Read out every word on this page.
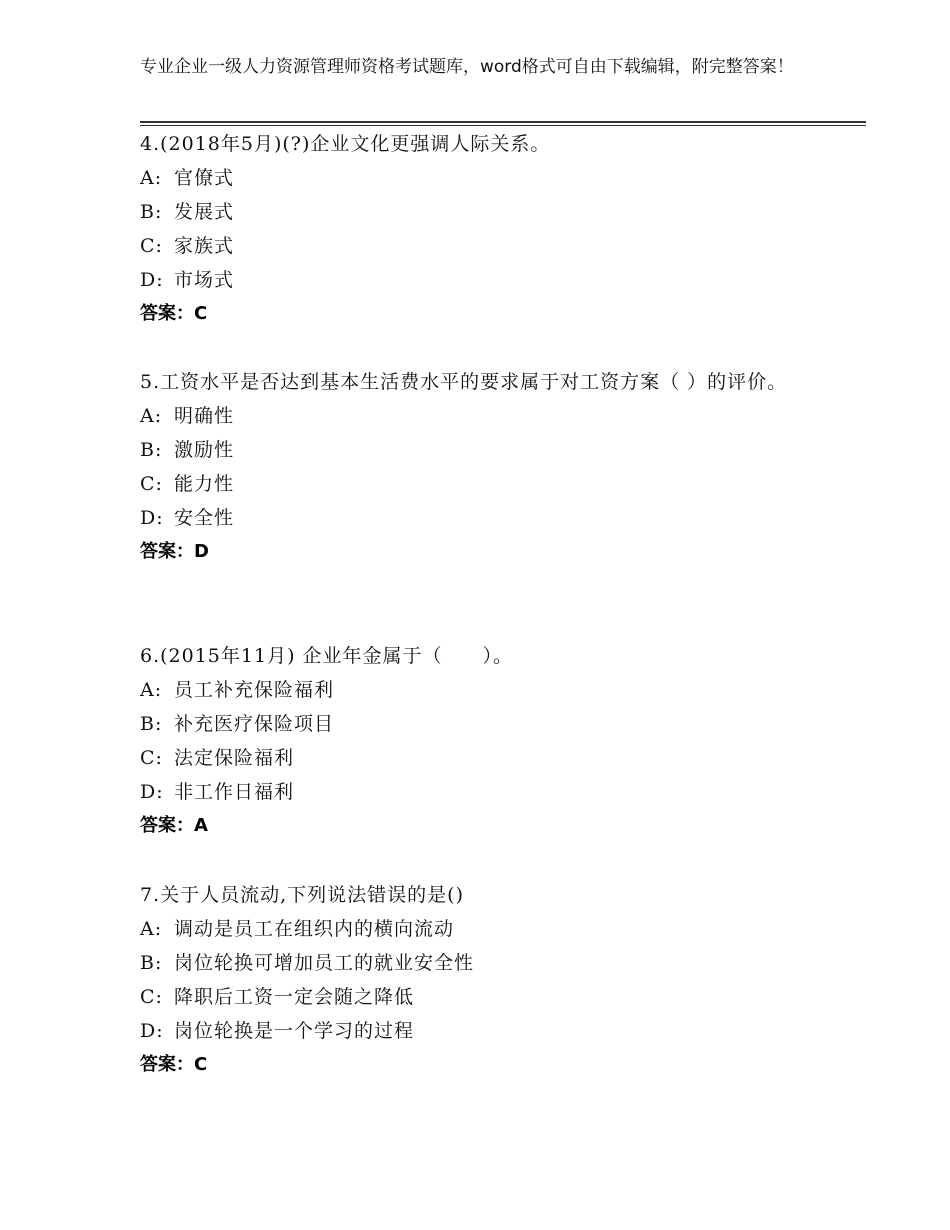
专业企业一级人力资源管理师资格考试题库，word格式可自由下载编辑，附完整答案！

4.(2018年5月)(?)企业文化更强调人际关系。

A: 官僚式

B: 发展式

C: 家族式

D: 市场式

答案：C

5.工资水平是否达到基本生活费水平的要求属于对工资方案（ ）的评价。

A: 明确性

B: 激励性

C: 能力性

D: 安全性

答案：D

6.(2015年11月) 企业年金属于（　　）。

A: 员工补充保险福利

B: 补充医疗保险项目

C: 法定保险福利

D: 非工作日福利

答案：A

7.关于人员流动,下列说法错误的是()

A: 调动是员工在组织内的横向流动

B: 岗位轮换可增加员工的就业安全性

C: 降职后工资一定会随之降低

D: 岗位轮换是一个学习的过程

答案：C
